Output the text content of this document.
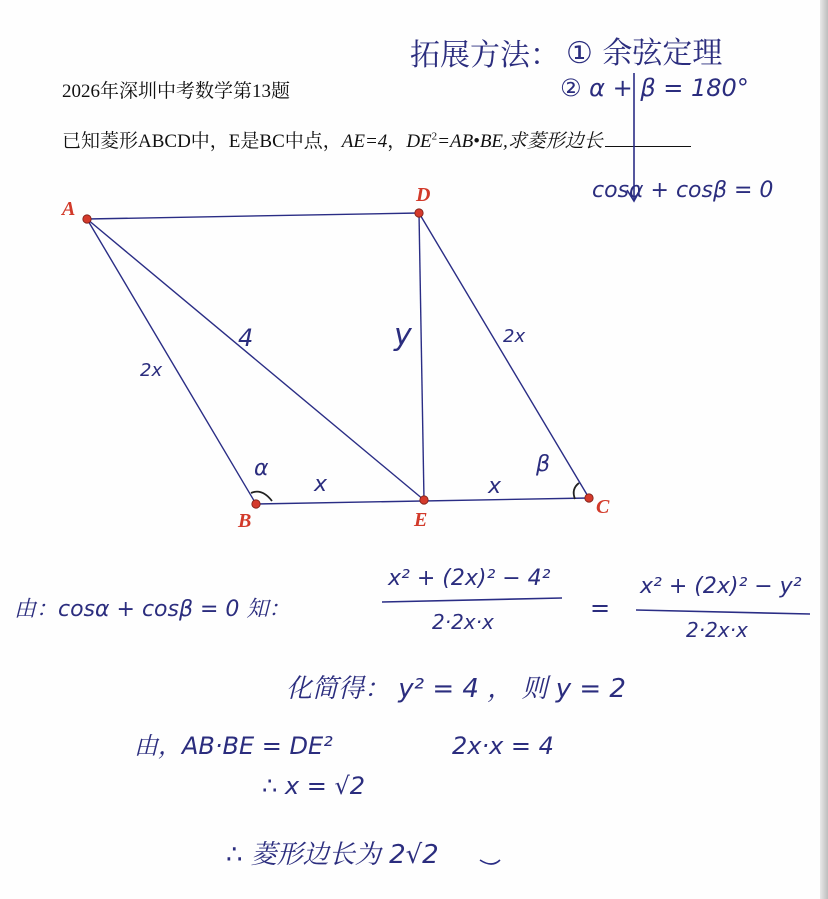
2026年深圳中考数学第13题
已知菱形ABCD中，E是BC中点，AE=4，$DE^2=AB•BE$,求菱形边长
拓展方法： ① 余弦定理
② α + β = 180°
cosα + cosβ = 0
A
D
B	E
C
4	y
2x
2x
x	x
α	β
由：cosα + cosβ = 0 知：
x² + (2x)² − 4²
2·2x·x	=
x² + (2x)² − y²
2·2x·x
化简得： y² = 4 ， 则 y = 2
由，AB·BE = DE²	2x·x = 4
∴ x = √2
∴ 菱形边长为 2√2
